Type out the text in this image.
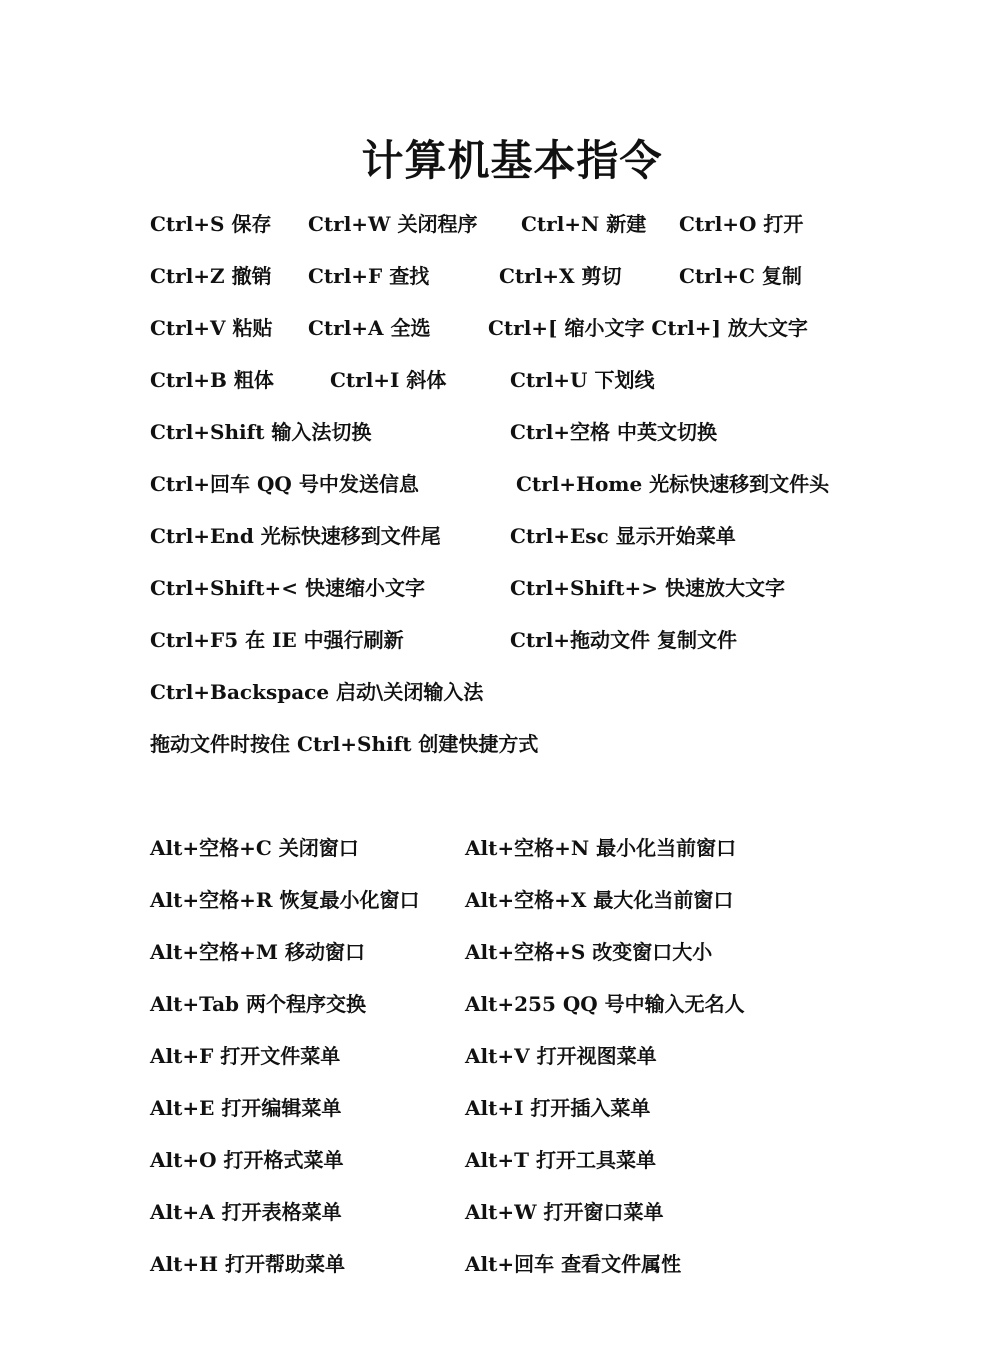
计算机基本指令
Ctrl+S 保存 Ctrl+W 关闭程序 Ctrl+N 新建 Ctrl+O 打开
Ctrl+Z 撤销 Ctrl+F 查找	Ctrl+X 剪切	Ctrl+C 复制
Ctrl+V 粘贴 Ctrl+A 全选	Ctrl+[ 缩小文字 Ctrl+] 放大文字
Ctrl+B 粗体	Ctrl+I 斜体	Ctrl+U 下划线
Ctrl+Shift 输入法切换	Ctrl+空格 中英文切换
Ctrl+回车 QQ 号中发送信息	Ctrl+Home 光标快速移到文件头
Ctrl+End 光标快速移到文件尾	Ctrl+Esc 显示开始菜单
Ctrl+Shift+< 快速缩小文字	Ctrl+Shift+> 快速放大文字
Ctrl+F5 在 IE 中强行刷新	Ctrl+拖动文件 复制文件
Ctrl+Backspace 启动\关闭输入法
拖动文件时按住 Ctrl+Shift 创建快捷方式
Alt+空格+C 关闭窗口	Alt+空格+N 最小化当前窗口
Alt+空格+R 恢复最小化窗口 Alt+空格+X 最大化当前窗口
Alt+空格+M 移动窗口	Alt+空格+S 改变窗口大小
Alt+Tab 两个程序交换	Alt+255 QQ 号中输入无名人
Alt+F 打开文件菜单	Alt+V 打开视图菜单
Alt+E 打开编辑菜单	Alt+I 打开插入菜单
Alt+O 打开格式菜单	Alt+T 打开工具菜单
Alt+A 打开表格菜单	Alt+W 打开窗口菜单
Alt+H 打开帮助菜单	Alt+回车 查看文件属性
